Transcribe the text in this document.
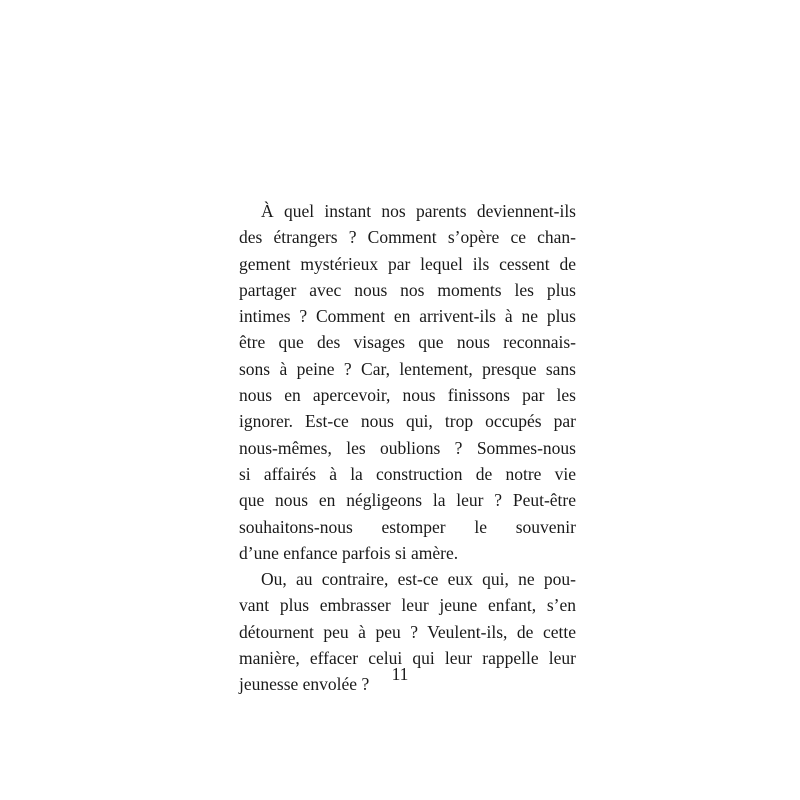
À quel instant nos parents deviennent-ils
des étrangers ? Comment s’opère ce chan-
gement mystérieux par lequel ils cessent de
partager avec nous nos moments les plus
intimes ? Comment en arrivent-ils à ne plus
être que des visages que nous reconnais-
sons à peine ? Car, lentement, presque sans
nous en apercevoir, nous finissons par les
ignorer. Est-ce nous qui, trop occupés par
nous-mêmes, les oublions ? Sommes-nous
si affairés à la construction de notre vie
que nous en négligeons la leur ? Peut-être
souhaitons-nous estomper le souvenir
d’une enfance parfois si amère.
Ou, au contraire, est-ce eux qui, ne pou-
vant plus embrasser leur jeune enfant, s’en
détournent peu à peu ? Veulent-ils, de cette
manière, effacer celui qui leur rappelle leur
jeunesse envolée ?
11
